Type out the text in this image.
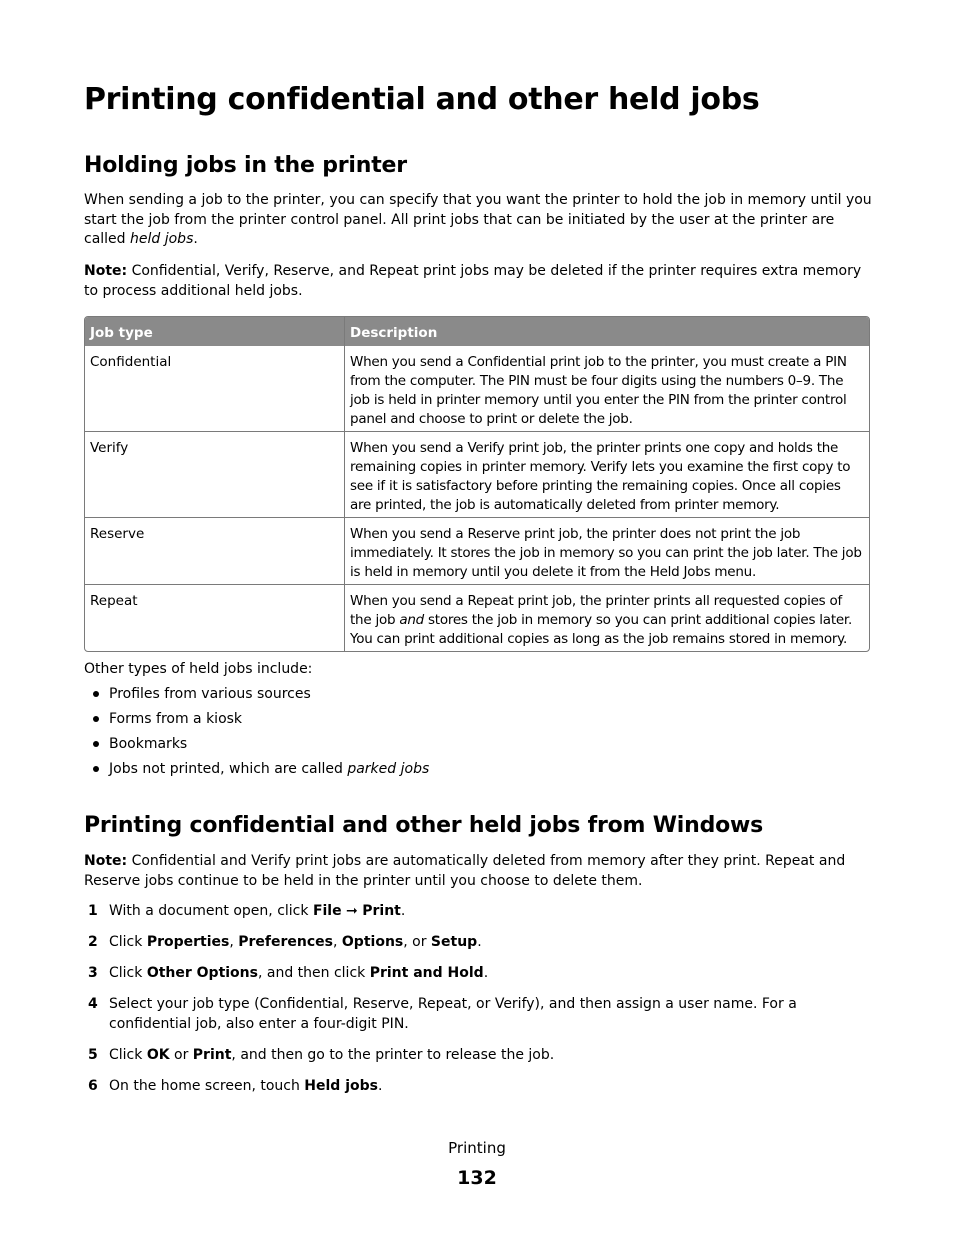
Printing confidential and other held jobs
Holding jobs in the printer
When sending a job to the printer, you can specify that you want the printer to hold the job in memory until you start the job from the printer control panel. All print jobs that can be initiated by the user at the printer are called held jobs.
Note: Confidential, Verify, Reserve, and Repeat print jobs may be deleted if the printer requires extra memory to process additional held jobs.
Job type	Description
Confidential	When you send a Confidential print job to the printer, you must create a PIN from the computer. The PIN must be four digits using the numbers 0–9. The job is held in printer memory until you enter the PIN from the printer control panel and choose to print or delete the job.
Verify	When you send a Verify print job, the printer prints one copy and holds the remaining copies in printer memory. Verify lets you examine the first copy to see if it is satisfactory before printing the remaining copies. Once all copies are printed, the job is automatically deleted from printer memory.
Reserve	When you send a Reserve print job, the printer does not print the job immediately. It stores the job in memory so you can print the job later. The job is held in memory until you delete it from the Held Jobs menu.
Repeat	When you send a Repeat print job, the printer prints all requested copies of the job and stores the job in memory so you can print additional copies later. You can print additional copies as long as the job remains stored in memory.
Other types of held jobs include:
Profiles from various sources
Forms from a kiosk
Bookmarks
Jobs not printed, which are called parked jobs
Printing confidential and other held jobs from Windows
Note: Confidential and Verify print jobs are automatically deleted from memory after they print. Repeat and Reserve jobs continue to be held in the printer until you choose to delete them.
1 With a document open, click File ➞ Print.
2 Click Properties, Preferences, Options, or Setup.
3 Click Other Options, and then click Print and Hold.
4 Select your job type (Confidential, Reserve, Repeat, or Verify), and then assign a user name. For a confidential job, also enter a four-digit PIN.
5 Click OK or Print, and then go to the printer to release the job.
6 On the home screen, touch Held jobs.
Printing
132
